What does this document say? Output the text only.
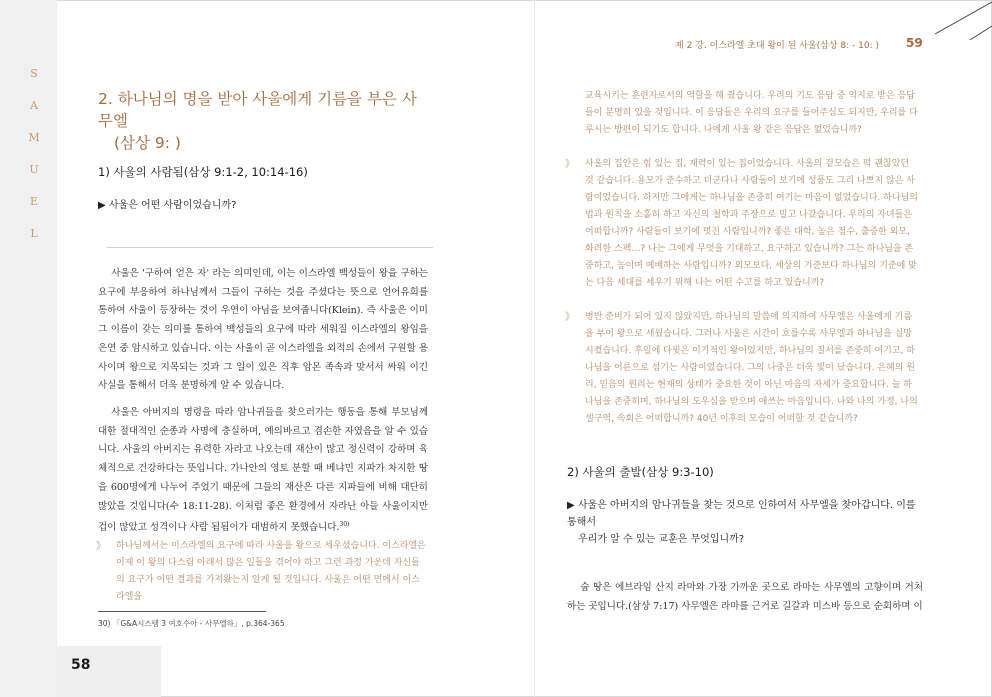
S
A
M
U
E
L
58
2. 하나님의 명을 받아 사울에게 기름을 부은 사무엘
(삼상 9: )
1) 사울의 사람됨(삼상 9:1-2, 10:14-16)
▶ 사울은 어떤 사람이었습니까?

사울은 '구하여 얻은 자' 라는 의미인데, 이는 이스라엘 백성들이 왕을 구하는 요구에 부응하여 하나님께서 그들이 구하는 것을 주셨다는 뜻으로 언어유희를 통하여 사울이 등장하는 것이 우연이 아님을 보여줍니다(Klein). 즉 사울은 이미 그 이름이 갖는 의미를 통하여 백성들의 요구에 따라 세워질 이스라엘의 왕임을 은연 중 암시하고 있습니다. 이는 사울이 곧 이스라엘을 외적의 손에서 구원할 용사이며 왕으로 지목되는 것과 그 일이 있은 직후 암몬 족속과 맞서서 싸워 이긴 사실을 통해서 더욱 분명하게 알 수 있습니다.

사울은 아버지의 명령을 따라 암나귀들을 찾으러가는 행동을 통해 부모님께 대한 절대적인 순종과 사명에 충실하며, 예의바르고 겸손한 자였음을 알 수 있습니다. 사울의 아버지는 유력한 자라고 나오는데 재산이 많고 정신력이 강하며 육체적으로 건강하다는 뜻입니다. 가나안의 영토 분할 때 베냐민 지파가 차지한 땅을 600명에게 나누어 주었기 때문에 그들의 재산은 다른 지파들에 비해 대단히 많았을 것입니다(수 18:11-28). 이처럼 좋은 환경에서 자라난 아들 사울이지만 겁이 많았고 성격이나 사람 됨됨이가 대범하지 못했습니다.$^{30)}$

》 하나님께서는 이스라엘의 요구에 따라 사울을 왕으로 세우셨습니다. 이스라엘은 이제 이 왕의 다스림 아래서 많은 일들을 겪어야 하고 그런 과정 가운데 자신들의 요구가 어떤 결과를 가져왔는지 알게 될 것입니다. 사울은 어떤 면에서 이스라엘을
30) 「G&A시스템 3 여호수아 - 사무엘하」, p.364-365
제 2 강. 이스라엘 초대 왕이 된 사울(삼상 8: - 10: ) 59
교육시키는 훈련자로서의 역할을 해 줬습니다. 우리의 기도 응답 중 억지로 받은 응답들이 분명히 있을 것입니다. 이 응답들은 우리의 요구를 들어주심도 되지만, 우리를 다루시는 방편이 되기도 합니다. 나에게 사울 왕 같은 응답은 없었습니까?
》 사울의 집안은 힘 있는 집, 재력이 있는 집이었습니다. 사울의 겉모습은 퍽 괜찮았던 것 같습니다. 용모가 준수하고 더군다나 사람들이 보기에 성품도 그리 나쁘지 않은 사람이었습니다. 하지만 그에게는 하나님을 존중히 여기는 마음이 없었습니다. 하나님의 법과 원칙을 소홀히 하고 자신의 철학과 주장으로 밀고 나갔습니다. 우리의 자녀들은 어떠합니까? 사람들이 보기에 멋진 사람입니까? 좋은 대학, 높은 점수, 출중한 외모, 화려한 스펙…? 나는 그에게 무엇을 기대하고, 요구하고 있습니까? 그는 하나님을 존중하고, 높이며 예배하는 사람입니까? 외모보다, 세상의 기준보다 하나님의 기준에 맞는 다음 세대를 세우기 위해 나는 어떤 수고를 하고 있습니까?
》 병반 준비가 되어 있지 않았지만, 하나님의 말씀에 의지하여 사무엘은 사울에게 기름을 부어 왕으로 세웠습니다. 그러나 사울은 시간이 흐를수록 사무엘과 하나님을 실망시켰습니다. 후일에 다윗은 이기적인 왕이었지만, 하나님의 질서를 존중히 여기고, 하나님을 어른으로 섬기는 사람이었습니다. 그의 나중은 더욱 빛이 났습니다. 은혜의 원리, 믿음의 원리는 현재의 상태가 중요한 것이 아닌 마음의 자세가 중요합니다. 늘 하나님을 존중히며, 하나님의 도우심을 받으며 애쓰는 마음입니다. 나와 나의 가정, 나의 셀구역, 속회은 어떠합니까? 40년 이후의 모습이 어떠할 것 같습니까?
2) 사울의 출발(삼상 9:3-10)
▶ 사울은 아버지의 암나귀들을 찾는 것으로 인하여서 사무엘을 찾아갑니다. 이를 통해서
우리가 알 수 있는 교훈은 무엇입니까?

숩 땅은 에브라임 산지 라마와 가장 가까운 곳으로 라마는 사무엘의 고향이며 거처하는 곳입니다.(삼상 7:17) 사무엘은 라마를 근거로 길갈과 미스바 등으로 순회하며 이
